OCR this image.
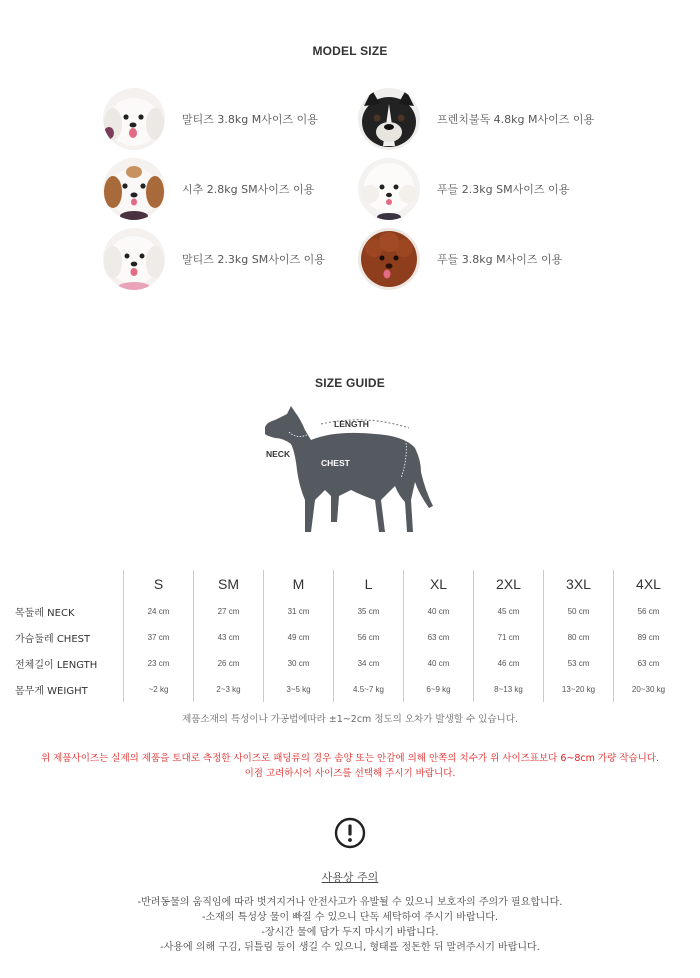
MODEL SIZE
말티즈 3.8kg M사이즈 이용	프렌치불독 4.8kg M사이즈 이용
시추 2.8kg SM사이즈 이용	푸들 2.3kg SM사이즈 이용
말티즈 2.3kg SM사이즈 이용	푸들 3.8kg M사이즈 이용
SIZE GUIDE
LENGTH
NECK
CHEST
	S	SM	M	L	XL	2XL	3XL	4XL
목둘레 NECK	24 cm	27 cm	31 cm	35 cm	40 cm	45 cm	50 cm	56 cm
가슴둘레 CHEST	37 cm	43 cm	49 cm	56 cm	63 cm	71 cm	80 cm	89 cm
전체길이 LENGTH	23 cm	26 cm	30 cm	34 cm	40 cm	46 cm	53 cm	63 cm
몸무게 WEIGHT	~2 kg	2~3 kg	3~5 kg	4.5~7 kg	6~9 kg	8~13 kg	13~20 kg	20~30 kg
제품소재의 특성이나 가공법에따라 ±1~2cm 정도의 오차가 발생할 수 있습니다.
위 제품사이즈는 실제의 제품을 토대로 측정한 사이즈로 패딩류의 경우 솜양 또는 안감에 의해 안쪽의 치수가 위 사이즈표보다 6~8cm 가량 작습니다.
이점 고려하시어 사이즈를 선택해 주시기 바랍니다.
사용상 주의
-반려동물의 움직임에 따라 벗겨지거나 안전사고가 유발될 수 있으니 보호자의 주의가 필요합니다.
-소재의 특성상 물이 빠질 수 있으니 단독 세탁하여 주시기 바랍니다.
-장시간 물에 담가 두지 마시기 바랍니다.
-사용에 의해 구김, 뒤틀림 등이 생길 수 있으니, 형태를 정돈한 뒤 말려주시기 바랍니다.
